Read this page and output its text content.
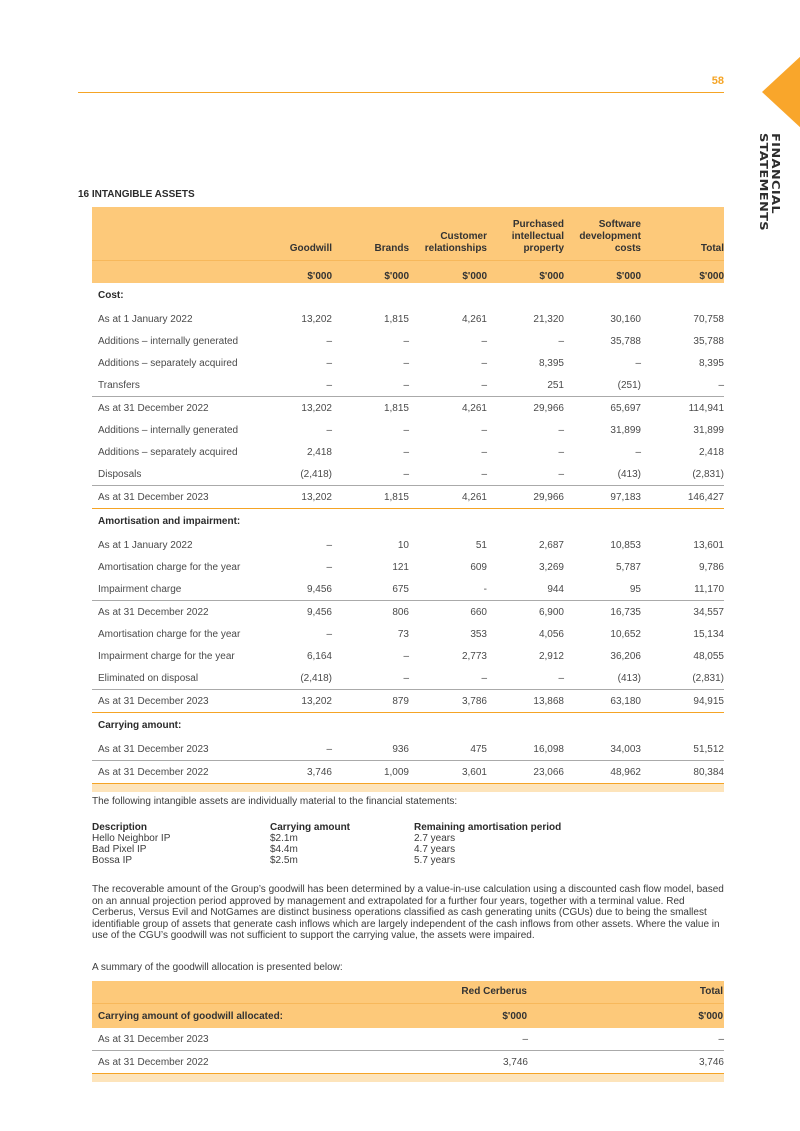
58
FINANCIAL STATEMENTS
16 INTANGIBLE ASSETS
	Goodwill	Brands	Customer relationships	Purchased intellectual property	Software development costs	Total
	$'000	$'000	$'000	$'000	$'000	$'000
Cost:						
As at 1 January 2022	13,202	1,815	4,261	21,320	30,160	70,758
Additions – internally generated	–	–	–	–	35,788	35,788
Additions – separately acquired	–	–	–	8,395	–	8,395
Transfers	–	–	–	251	(251)	–
As at 31 December 2022	13,202	1,815	4,261	29,966	65,697	114,941
Additions – internally generated	–	–	–	–	31,899	31,899
Additions – separately acquired	2,418	–	–	–	–	2,418
Disposals	(2,418)	–	–	–	(413)	(2,831)
As at 31 December 2023	13,202	1,815	4,261	29,966	97,183	146,427
Amortisation and impairment:						
As at 1 January 2022	–	10	51	2,687	10,853	13,601
Amortisation charge for the year	–	121	609	3,269	5,787	9,786
Impairment charge	9,456	675	-	944	95	11,170
As at 31 December 2022	9,456	806	660	6,900	16,735	34,557
Amortisation charge for the year	–	73	353	4,056	10,652	15,134
Impairment charge for the year	6,164	–	2,773	2,912	36,206	48,055
Eliminated on disposal	(2,418)	–	–	–	(413)	(2,831)
As at 31 December 2023	13,202	879	3,786	13,868	63,180	94,915
Carrying amount:						
As at 31 December 2023	–	936	475	16,098	34,003	51,512
As at 31 December 2022	3,746	1,009	3,601	23,066	48,962	80,384

The following intangible assets are individually material to the financial statements:
Description	Carrying amount	Remaining amortisation period
Hello Neighbor IP	$2.1m	2.7 years
Bad Pixel IP	$4.4m	4.7 years
Bossa IP	$2.5m	5.7 years
The recoverable amount of the Group’s goodwill has been determined by a value-in-use calculation using a discounted cash flow model, based on an annual projection period approved by management and extrapolated for a further four years, together with a terminal value. Red Cerberus, Versus Evil and NotGames are distinct business operations classified as cash generating units (CGUs) due to being the smallest identifiable group of assets that generate cash inflows which are largely independent of the cash inflows from other assets. Where the value in use of the CGU’s goodwill was not sufficient to support the carrying value, the assets were impaired.
A summary of the goodwill allocation is presented below:
	Red Cerberus	Total
Carrying amount of goodwill allocated:	$'000	$'000
As at 31 December 2023	–	–
As at 31 December 2022	3,746	3,746
